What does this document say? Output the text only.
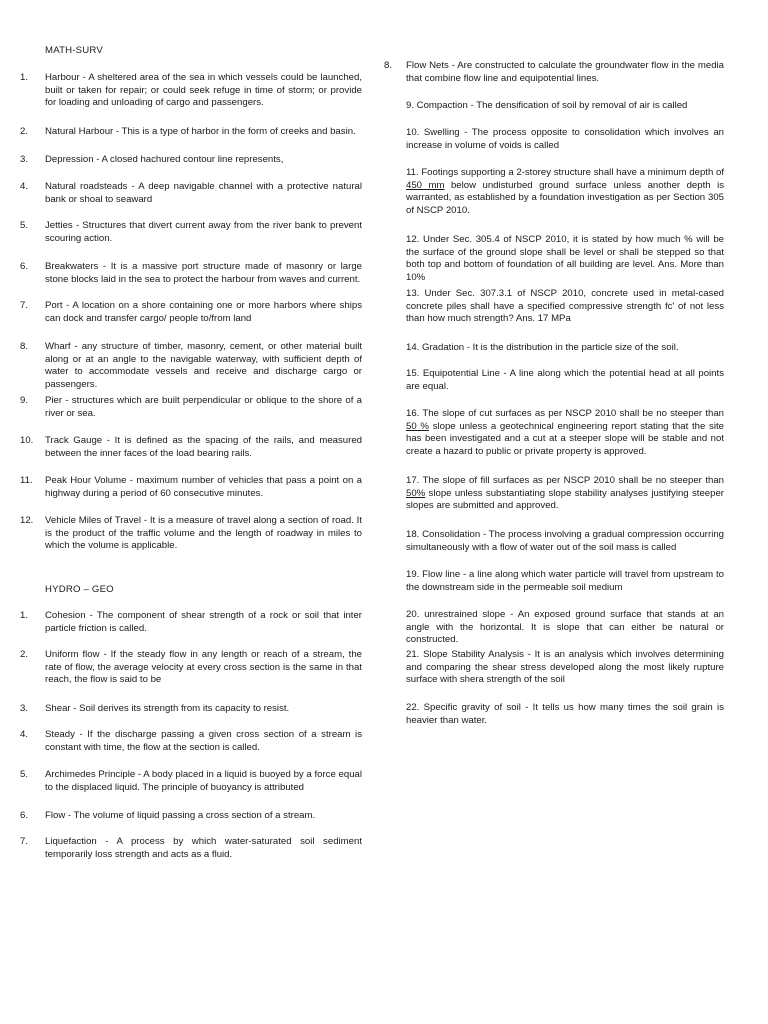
MATH-SURV
1.	Harbour - A sheltered area of the sea in which vessels could be launched, built or taken for repair; or could seek refuge in time of storm; or provide for loading and unloading of cargo and passengers.
2.	Natural Harbour - This is a type of harbor in the form of creeks and basin.
3.	Depression - A closed hachured contour line represents,
4.	Natural roadsteads - A deep navigable channel with a protective natural bank or shoal to seaward
5.	Jetties - Structures that divert current away from the river bank to prevent scouring action.
6.	Breakwaters - It is a massive port structure made of masonry or large stone blocks laid in the sea to protect the harbour from waves and current.
7.	Port - A location on a shore containing one or more harbors where ships can dock and transfer cargo/ people to/from land
8.	Wharf - any structure of timber, masonry, cement, or other material built along or at an angle to the navigable waterway, with sufficient depth of water to accommodate vessels and receive and discharge cargo or passengers.
9.	Pier - structures which are built perpendicular or oblique to the shore of a river or sea.
10.	Track Gauge - It is defined as the spacing of the rails, and measured between the inner faces of the load bearing rails.
11.	Peak Hour Volume - maximum number of vehicles that pass a point on a highway during a period of 60 consecutive minutes.
12.	Vehicle Miles of Travel - It is a measure of travel along a section of road. It is the product of the traffic volume and the length of roadway in miles to which the volume is applicable.
HYDRO – GEO
1.	Cohesion - The component of shear strength of a rock or soil that inter particle friction is called.
2.	Uniform flow - If the steady flow in any length or reach of a stream, the rate of flow, the average velocity at every cross section is the same in that reach, the flow is said to be
3.	Shear - Soil derives its strength from its capacity to resist.
4.	Steady - If the discharge passing a given cross section of a stream is constant with time, the flow at the section is called.
5.	Archimedes Principle - A body placed in a liquid is buoyed by a force equal to the displaced liquid. The principle of buoyancy is attributed
6.	Flow - The volume of liquid passing a cross section of a stream.
7.	Liquefaction - A process by which water-saturated soil sediment temporarily loss strength and acts as a fluid.
8.	Flow Nets - Are constructed to calculate the groundwater flow in the media that combine flow line and equipotential lines.
9. Compaction - The densification of soil by removal of air is called
10. Swelling - The process opposite to consolidation which involves an increase in volume of voids is called
11. Footings supporting a 2-storey structure shall have a minimum depth of 450 mm below undisturbed ground surface unless another depth is warranted, as established by a foundation investigation as per Section 305 of NSCP 2010.
12. Under Sec. 305.4 of NSCP 2010, it is stated by how much % will be the surface of the ground slope shall be level or shall be stepped so that both top and bottom of foundation of all building are level. Ans. More than 10%
13. Under Sec. 307.3.1 of NSCP 2010, concrete used in metal-cased concrete piles shall have a specified compressive strength fc' of not less than how much strength? Ans. 17 MPa
14. Gradation - It is the distribution in the particle size of the soil.
15. Equipotential Line - A line along which the potential head at all points are equal.
16. The slope of cut surfaces as per NSCP 2010 shall be no steeper than 50 % slope unless a geotechnical engineering report stating that the site has been investigated and a cut at a steeper slope will be stable and not create a hazard to public or private property is approved.
17. The slope of fill surfaces as per NSCP 2010 shall be no steeper than 50% slope unless substantiating slope stability analyses justifying steeper slopes are submitted and approved.
18. Consolidation - The process involving a gradual compression occurring simultaneously with a flow of water out of the soil mass is called
19. Flow line - a line along which water particle will travel from upstream to the downstream side in the permeable soil medium
20. unrestrained slope - An exposed ground surface that stands at an angle with the horizontal. It is slope that can either be natural or constructed.
21. Slope Stability Analysis - It is an analysis which involves determining and comparing the shear stress developed along the most likely rupture surface with shera strength of the soil
22. Specific gravity of soil - It tells us how many times the soil grain is heavier than water.
